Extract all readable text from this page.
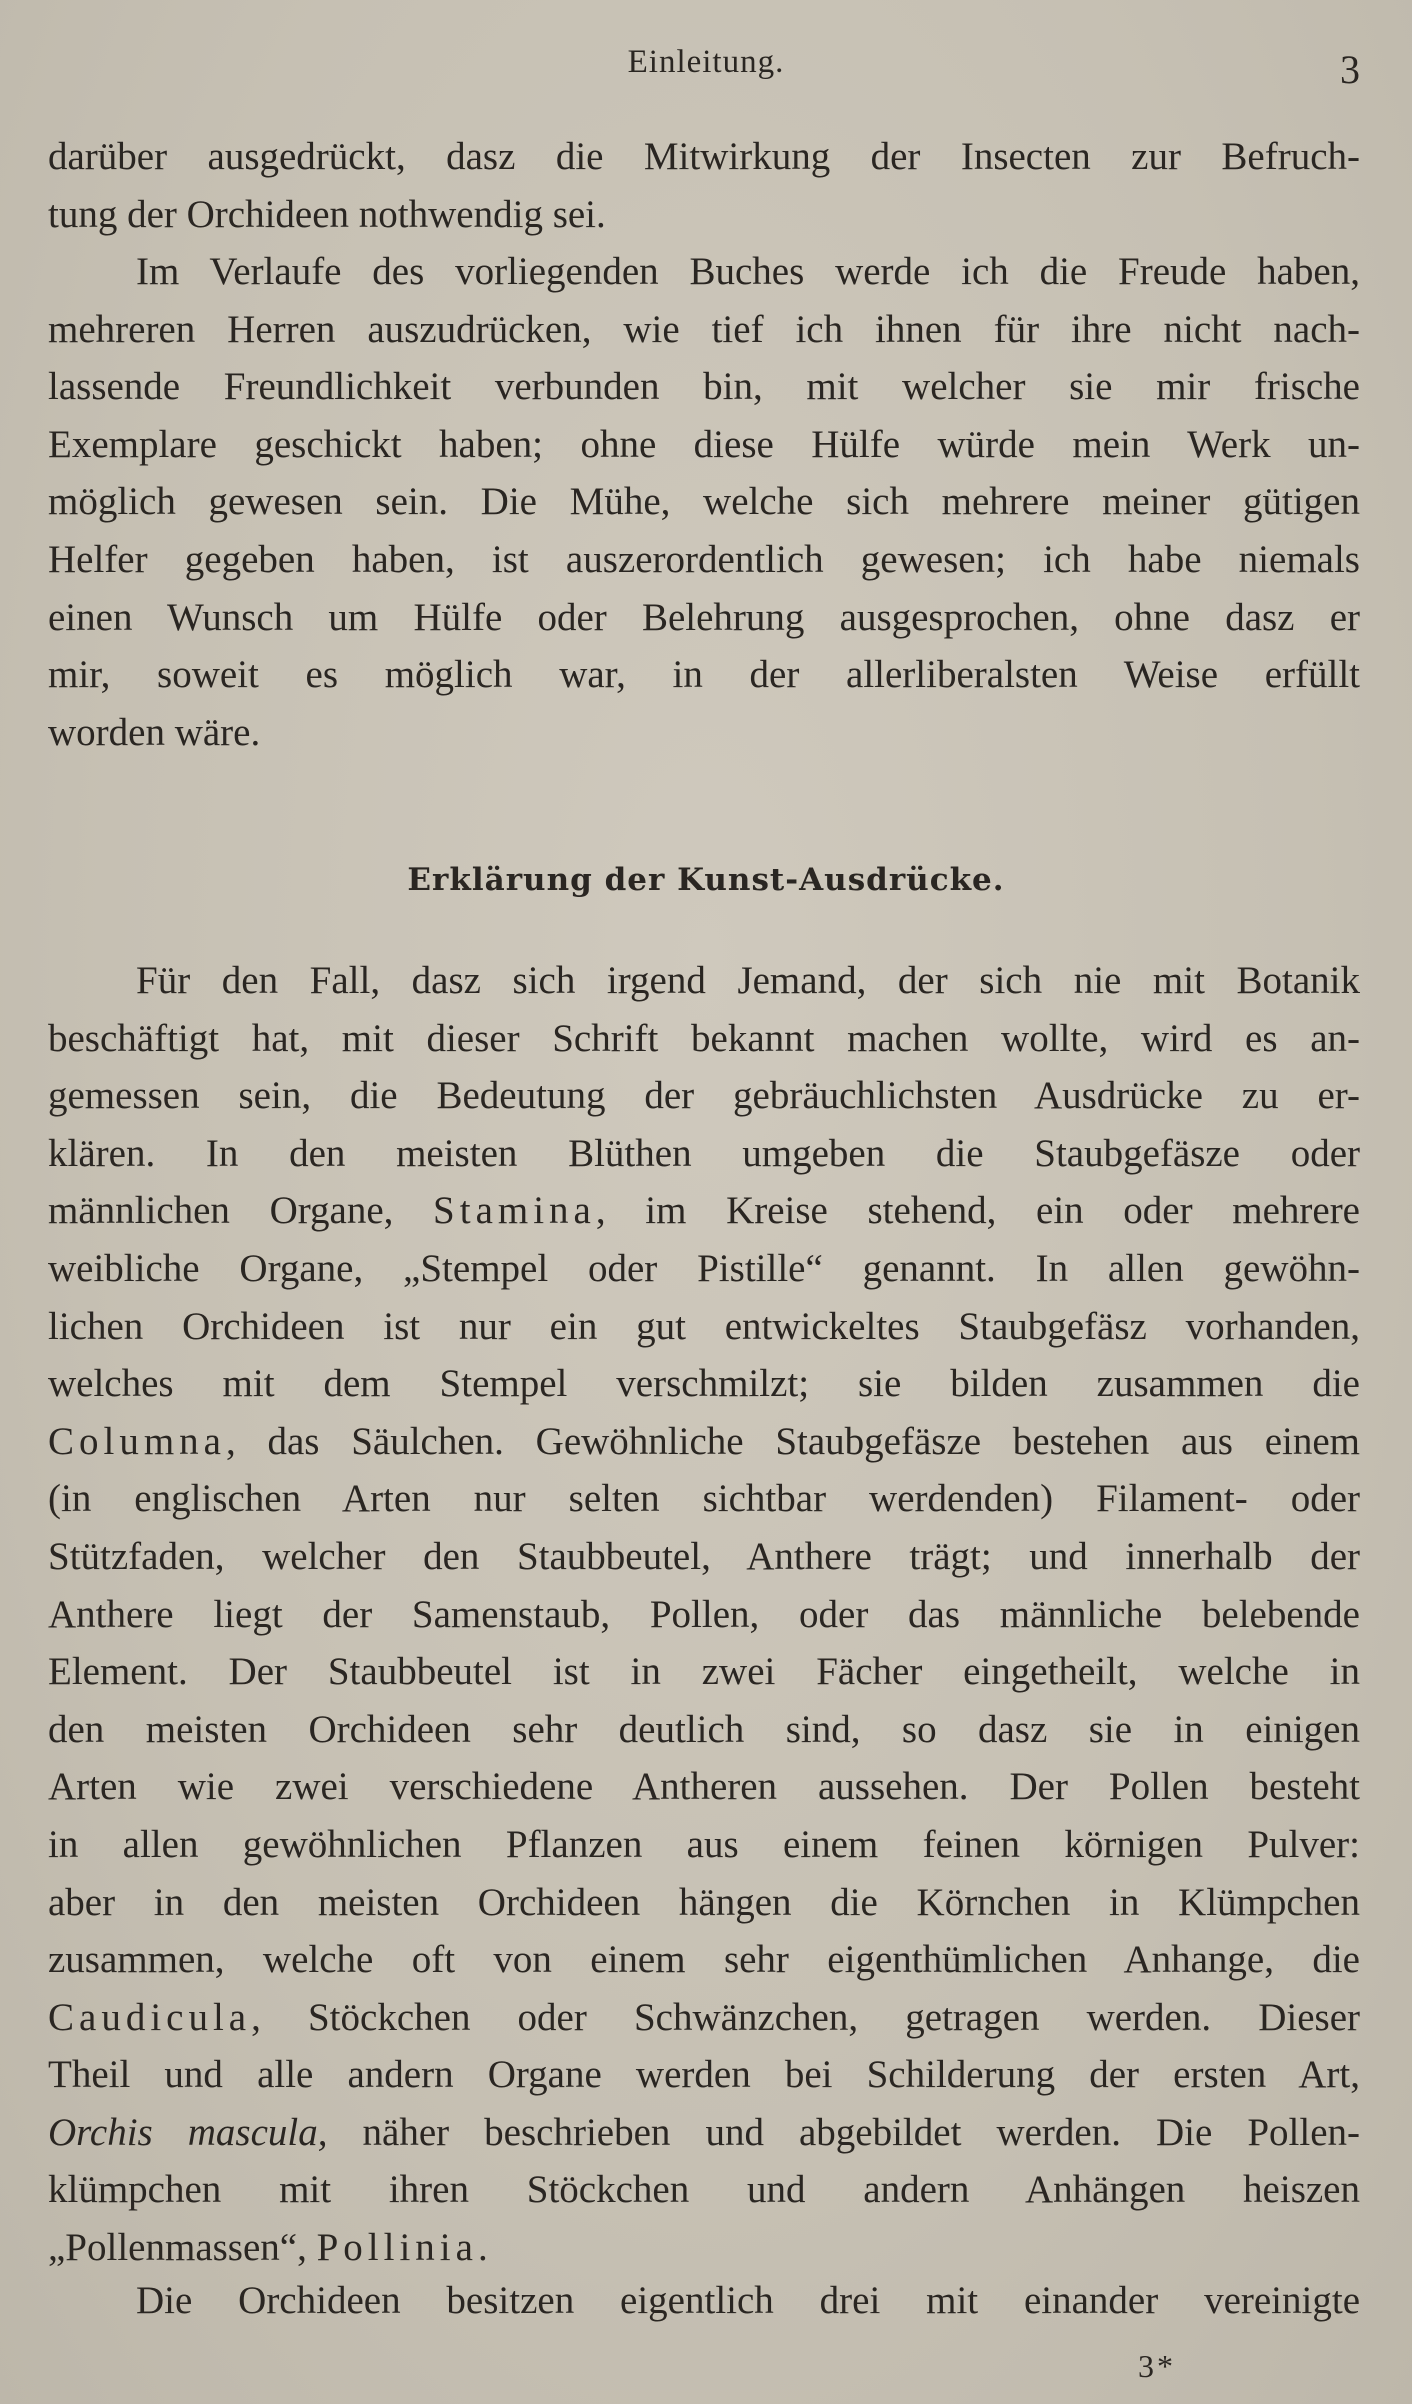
Einleitung.	3
darüber ausgedrückt, dasz die Mitwirkung der Insecten zur Befruch-
tung der Orchideen nothwendig sei.
Im Verlaufe des vorliegenden Buches werde ich die Freude haben,
mehreren Herren auszudrücken, wie tief ich ihnen für ihre nicht nach-
lassende Freundlichkeit verbunden bin, mit welcher sie mir frische
Exemplare geschickt haben; ohne diese Hülfe würde mein Werk un-
möglich gewesen sein. Die Mühe, welche sich mehrere meiner gütigen
Helfer gegeben haben, ist auszerordentlich gewesen; ich habe niemals
einen Wunsch um Hülfe oder Belehrung ausgesprochen, ohne dasz er
mir, soweit es möglich war, in der allerliberalsten Weise erfüllt
worden wäre.
Erklärung der Kunst-Ausdrücke.
Für den Fall, dasz sich irgend Jemand, der sich nie mit Botanik
beschäftigt hat, mit dieser Schrift bekannt machen wollte, wird es an-
gemessen sein, die Bedeutung der gebräuchlichsten Ausdrücke zu er-
klären. In den meisten Blüthen umgeben die Staubgefäsze oder
männlichen Organe, Stamina, im Kreise stehend, ein oder mehrere
weibliche Organe, „Stempel oder Pistille“ genannt. In allen gewöhn-
lichen Orchideen ist nur ein gut entwickeltes Staubgefäsz vorhanden,
welches mit dem Stempel verschmilzt; sie bilden zusammen die
Columna, das Säulchen. Gewöhnliche Staubgefäsze bestehen aus einem
(in englischen Arten nur selten sichtbar werdenden) Filament- oder
Stützfaden, welcher den Staubbeutel, Anthere trägt; und innerhalb der
Anthere liegt der Samenstaub, Pollen, oder das männliche belebende
Element. Der Staubbeutel ist in zwei Fächer eingetheilt, welche in
den meisten Orchideen sehr deutlich sind, so dasz sie in einigen
Arten wie zwei verschiedene Antheren aussehen. Der Pollen besteht
in allen gewöhnlichen Pflanzen aus einem feinen körnigen Pulver:
aber in den meisten Orchideen hängen die Körnchen in Klümpchen
zusammen, welche oft von einem sehr eigenthümlichen Anhange, die
Caudicula, Stöckchen oder Schwänzchen, getragen werden. Dieser
Theil und alle andern Organe werden bei Schilderung der ersten Art,
Orchis mascula, näher beschrieben und abgebildet werden. Die Pollen-
klümpchen mit ihren Stöckchen und andern Anhängen heiszen
„Pollenmassen“, Pollinia.
Die Orchideen besitzen eigentlich drei mit einander vereinigte
3*
